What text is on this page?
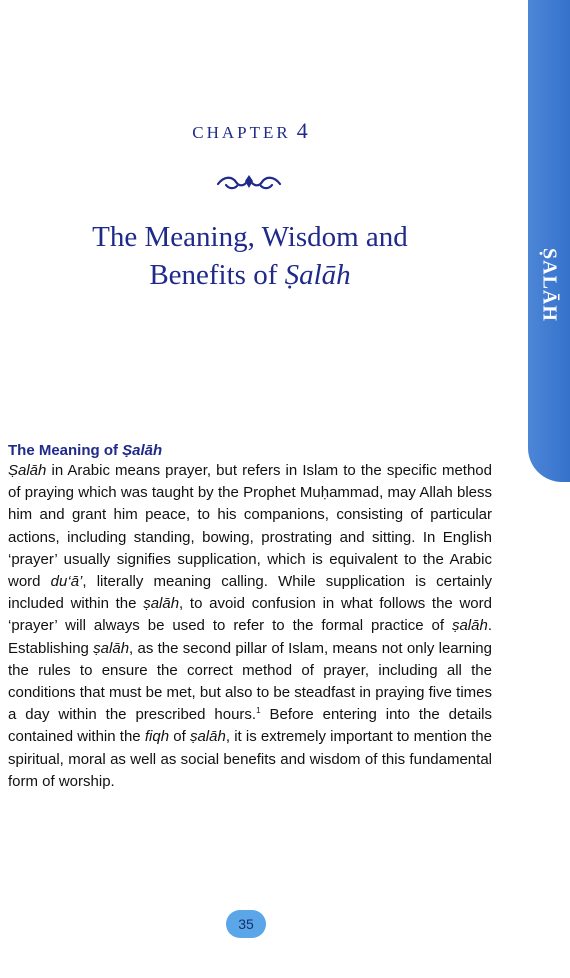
ṢALĀH
CHAPTER 4
The Meaning, Wisdom and
Benefits of Ṣalāh
The Meaning of Ṣalāh
Ṣalāh in Arabic means prayer, but refers in Islam to the specific method of praying which was taught by the Prophet Muḥammad, may Allah bless him and grant him peace, to his companions, consisting of particular actions, including standing, bowing, prostrating and sitting. In English ‘prayer’ usually signifies supplication, which is equivalent to the Arabic word du‘ā’, literally meaning calling. While supplication is certainly included within the ṣalāh, to avoid confusion in what follows the word ‘prayer’ will always be used to refer to the formal practice of ṣalāh. Establishing ṣalāh, as the second pillar of Islam, means not only learning the rules to ensure the correct method of prayer, including all the conditions that must be met, but also to be steadfast in praying five times a day within the prescribed hours.$^1$ Before entering into the details contained within the fiqh of ṣalāh, it is extremely important to mention the spiritual, moral as well as social benefits and wisdom of this fundamental form of worship.
35
